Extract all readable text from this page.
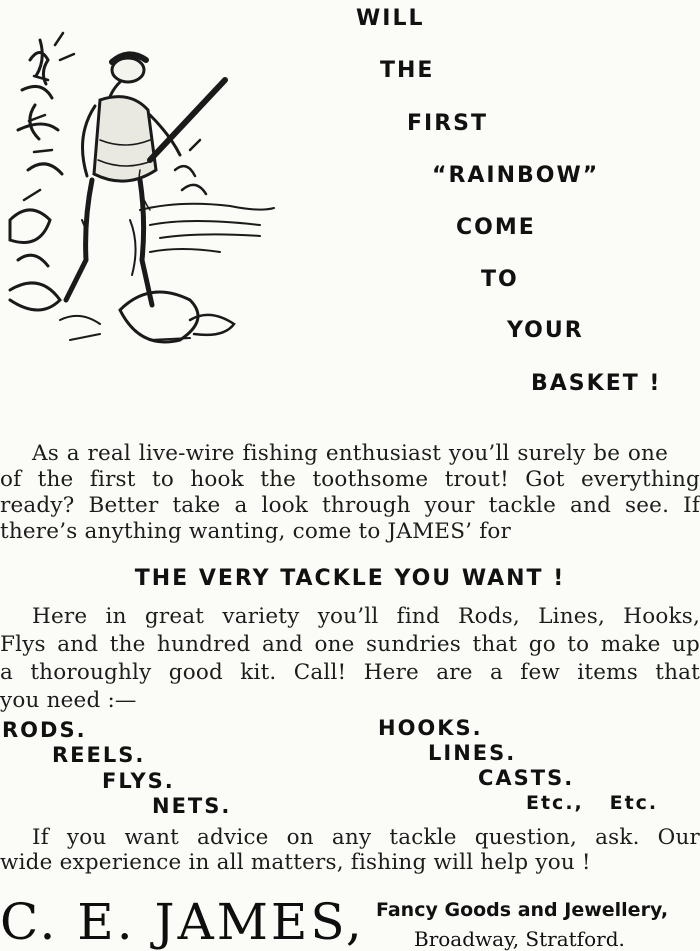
WILL
THE
FIRST
“RAINBOW”
COME
TO
YOUR
BASKET !
As a real live-wire fishing enthusiast you’ll surely be one
of the first to hook the toothsome trout! Got everything
ready? Better take a look through your tackle and see. If
there’s anything wanting, come to JAMES’ for
THE VERY TACKLE YOU WANT !
Here in great variety you’ll find Rods, Lines, Hooks,
Flys and the hundred and one sundries that go to make up
a thoroughly good kit. Call! Here are a few items that
you need :—
RODS.
REELS.
FLYS.
NETS.
HOOKS.
LINES.
CASTS.
Etc.,   Etc.
If you want advice on any tackle question, ask. Our
wide experience in all matters, fishing will help you !
C. E. JAMES, Fancy Goods and Jewellery,
Broadway, Stratford.
